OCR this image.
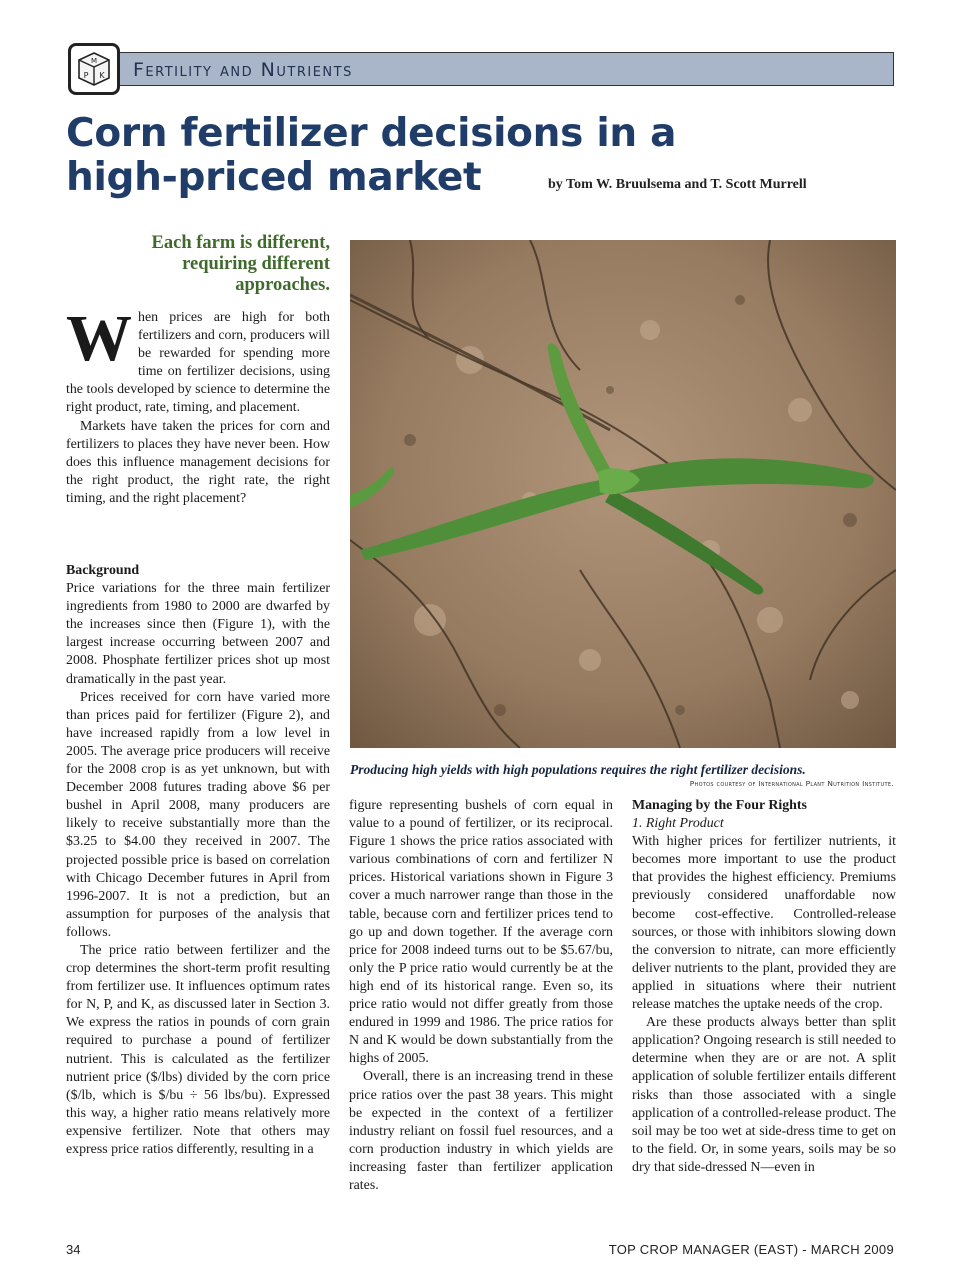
M
P K Fertility and Nutrients
Corn fertilizer decisions in a high-priced market	by Tom W. Bruulsema and T. Scott Murrell

Each farm is different, requiring different approaches.

Producing high yields with high populations requires the right fertilizer decisions.

Photos courtesy of International Plant Nutrition Institute.

When prices are high for both fertilizers and corn, producers will be rewarded for spending more time on fertilizer decisions, using the tools developed by science to determine the right product, rate, timing, and placement.

Markets have taken the prices for corn and fertilizers to places they have never been. How does this influence management decisions for the right product, the right rate, the right timing, and the right placement?

Background

Price variations for the three main fertilizer ingredients from 1980 to 2000 are dwarfed by the increases since then (Figure 1), with the largest increase occurring between 2007 and 2008. Phosphate fertilizer prices shot up most dramatically in the past year.

Prices received for corn have varied more than prices paid for fertilizer (Figure 2), and have increased rapidly from a low level in 2005. The average price producers will receive for the 2008 crop is as yet unknown, but with December 2008 futures trading above $6 per bushel in April 2008, many producers are likely to receive substantially more than the $3.25 to $4.00 they received in 2007. The projected possible price is based on correlation with Chicago December futures in April from 1996-2007. It is not a prediction, but an assumption for purposes of the analysis that follows.

The price ratio between fertilizer and the crop determines the short-term profit resulting from fertilizer use. It influences optimum rates for N, P, and K, as discussed later in Section 3. We express the ratios in pounds of corn grain required to purchase a pound of fertilizer nutrient. This is calculated as the fertilizer nutrient price ($/lbs) divided by the corn price ($/lb, which is $/bu ÷ 56 lbs/bu). Expressed this way, a higher ratio means relatively more expensive fertilizer. Note that others may express price ratios differently, resulting in a

figure representing bushels of corn equal in value to a pound of fertilizer, or its reciprocal. Figure 1 shows the price ratios associated with various combinations of corn and fertilizer N prices. Historical variations shown in Figure 3 cover a much narrower range than those in the table, because corn and fertilizer prices tend to go up and down together. If the average corn price for 2008 indeed turns out to be $5.67/bu, only the P price ratio would currently be at the high end of its historical range. Even so, its price ratio would not differ greatly from those endured in 1999 and 1986. The price ratios for N and K would be down substantially from the highs of 2005.

Overall, there is an increasing trend in these price ratios over the past 38 years. This might be expected in the context of a fertilizer industry reliant on fossil fuel resources, and a corn production industry in which yields are increasing faster than fertilizer application rates.

Managing by the Four Rights

1. Right Product

With higher prices for fertilizer nutrients, it becomes more important to use the product that provides the highest efficiency. Premiums previously considered unaffordable now become cost-effective. Controlled-release sources, or those with inhibitors slowing down the conversion to nitrate, can more efficiently deliver nutrients to the plant, provided they are applied in situations where their nutrient release matches the uptake needs of the crop.

Are these products always better than split application? Ongoing research is still needed to determine when they are or are not. A split application of soluble fertilizer entails different risks than those associated with a single application of a controlled-release product. The soil may be too wet at side-dress time to get on to the field. Or, in some years, soils may be so dry that side-dressed N—even in

34	TOP CROP MANAGER (EAST) - MARCH 2009
